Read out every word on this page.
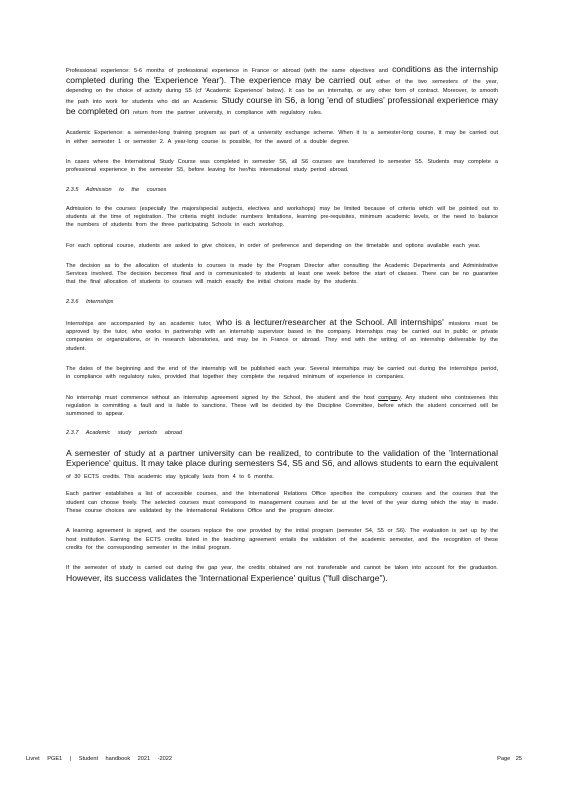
Professional experience: 5-6 months of professional experience in France or abroad (with the same objectives and conditions as the internship completed during the 'Experience Year'). The experience may be carried out either of the two semesters of the year, depending on the choice of activity during S5 (cf 'Academic Experience' below). It can be an internship, or any other form of contract. Moreover, to smooth the path into work for students who did an Academic Study course in S6, a long 'end of studies' professional experience may be completed on return from the partner university, in compliance with regulatory rules.

Academic Experience: a semester-long training program as part of a university exchange scheme. When it is a semester-long course, it may be carried out in either semester 1 or semester 2. A year-long course is possible, for the award of a double degree.

In cases where the International Study Course was completed in semester S6, all S6 courses are transferred to semester S5. Students may complete a professional experience in the semester S5, before leaving for her/his international study period abroad.

2.3.5 Admission to the courses

Admission to the courses (especially the majors/special subjects, electives and workshops) may be limited because of criteria which will be pointed out to students at the time of registration. The criteria might include: numbers limitations, learning pre-requisites, minimum academic levels, or the need to balance the numbers of students from the three participating Schools in each workshop.

For each optional course, students are asked to give choices, in order of preference and depending on the timetable and options available each year.

The decision as to the allocation of students to courses is made by the Program Director after consulting the Academic Departments and Administrative Services involved. The decision becomes final and is communicated to students at least one week before the start of classes. There can be no guarantee that the final allocation of students to courses will match exactly the initial choices made by the students.

2.3.6 Internships

Internships are accompanied by an academic tutor, who is a lecturer/researcher at the School. All internships' missions must be approved by the tutor, who works in partnership with an internship supervisor based in the company. Internships may be carried out in public or private companies or organizations, or in research laboratories, and may be in France or abroad. They end with the writing of an internship deliverable by the student.

The dates of the beginning and the end of the internship will be published each year. Several internships may be carried out during the internships period, in compliance with regulatory rules, provided that together they complete the required minimum of experience in companies.

No internship must commence without an internship agreement signed by the School, the student and the host company. Any student who contravenes this regulation is committing a fault and is liable to sanctions. These will be decided by the Discipline Committee, before which the student concerned will be summoned to appear.

2.3.7 Academic study periods abroad

A semester of study at a partner university can be realized, to contribute to the validation of the 'International Experience' quitus. It may take place during semesters S4, S5 and S6, and allows students to earn the equivalent of 30 ECTS credits. This academic stay typically lasts from 4 to 6 months.

Each partner establishes a list of accessible courses, and the International Relations Office specifies the compulsory courses and the courses that the student can choose freely. The selected courses must correspond to management courses and be at the level of the year during which the stay is made. These course choices are validated by the International Relations Office and the program director.

A learning agreement is signed, and the courses replace the one provided by the initial program (semester S4, S5 or S6). The evaluation is set up by the host institution. Earning the ECTS credits listed in the teaching agreement entails the validation of the academic semester, and the recognition of these credits for the corresponding semester in the initial program.

If the semester of study is carried out during the gap year, the credits obtained are not transferable and cannot be taken into account for the graduation. However, its success validates the 'International Experience' quitus ("full discharge").

Livret PGE1 | Student handbook 2021 -2022	Page 25
